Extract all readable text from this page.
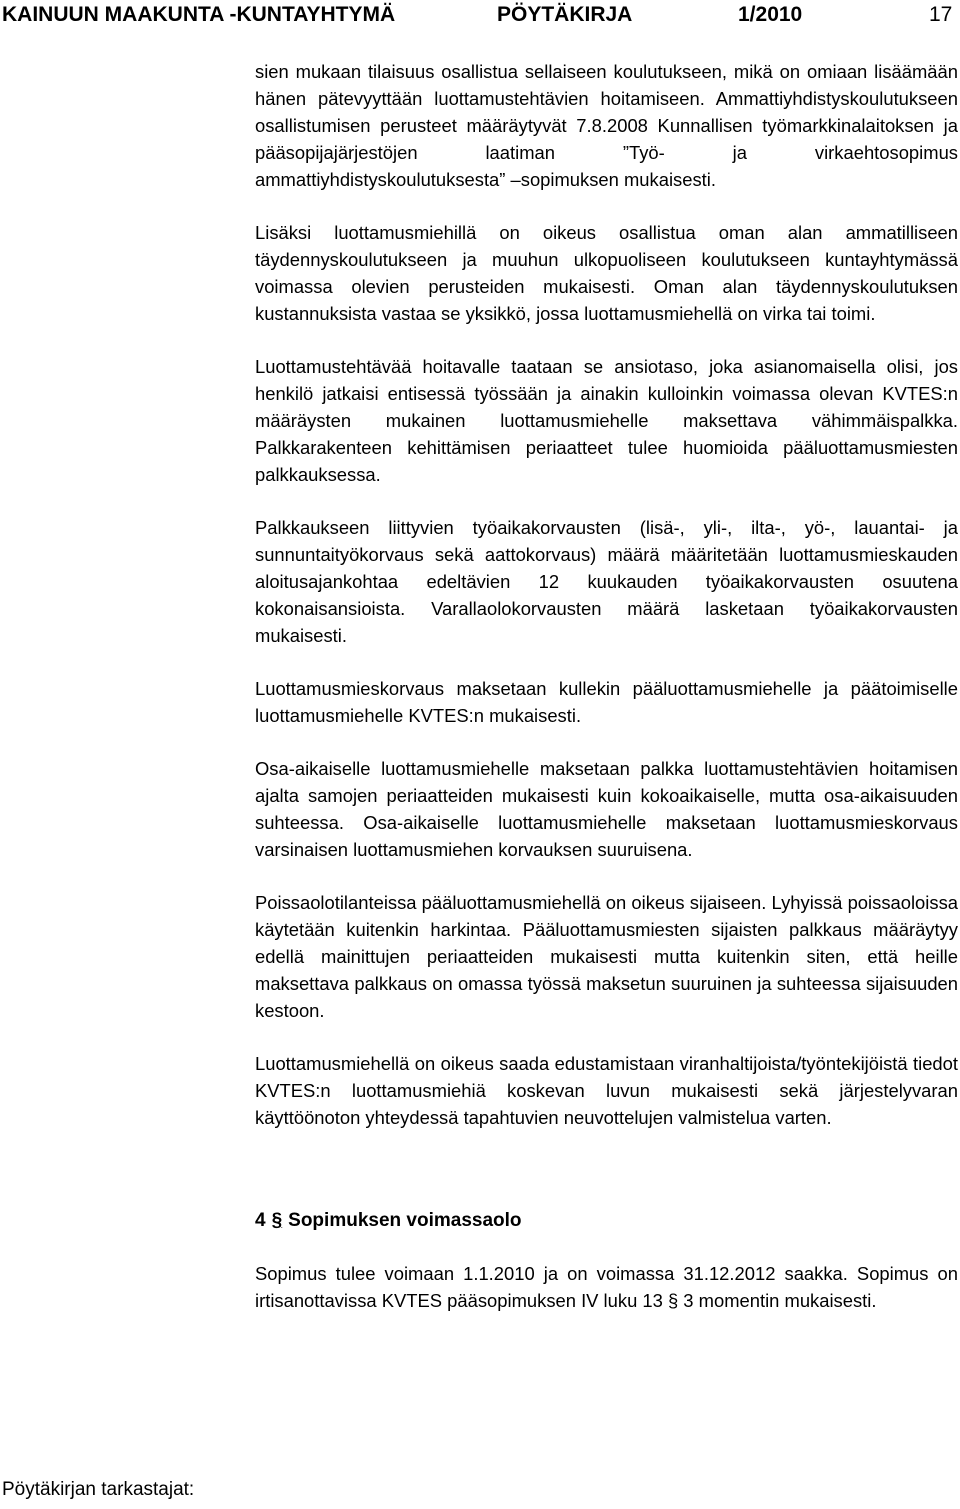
KAINUUN MAAKUNTA -KUNTAYHTYMÄ	PÖYTÄKIRJA	1/2010	17

sien mukaan tilaisuus osallistua sellaiseen koulutukseen, mikä on omiaan lisäämään hänen pätevyyttään luottamustehtävien hoitamiseen. Ammattiyhdistyskoulutukseen osallistumisen perusteet määräytyvät 7.8.2008 Kunnallisen työmarkkinalaitoksen ja pääsopijajärjestöjen laatiman ”Työ- ja virkaehtosopimus ammattiyhdistyskoulutuksesta” –sopimuksen mukaisesti.

Lisäksi luottamusmiehillä on oikeus osallistua oman alan ammatilliseen täydennyskoulutukseen ja muuhun ulkopuoliseen koulutukseen kuntayhtymässä voimassa olevien perusteiden mukaisesti. Oman alan täydennyskoulutuksen kustannuksista vastaa se yksikkö, jossa luottamusmiehellä on virka tai toimi.

Luottamustehtävää hoitavalle taataan se ansiotaso, joka asianomaisella olisi, jos henkilö jatkaisi entisessä työssään ja ainakin kulloinkin voimassa olevan KVTES:n määräysten mukainen luottamusmiehelle maksettava vähimmäispalkka. Palkkarakenteen kehittämisen periaatteet tulee huomioida pääluottamusmiesten palkkauksessa.

Palkkaukseen liittyvien työaikakorvausten (lisä-, yli-, ilta-, yö-, lauantai- ja sunnuntaityökorvaus sekä aattokorvaus) määrä määritetään luottamusmieskauden aloitusajankohtaa edeltävien 12 kuukauden työaikakorvausten osuutena kokonaisansioista. Varallaolokorvausten määrä lasketaan työaikakorvausten mukaisesti.

Luottamusmieskorvaus maksetaan kullekin pääluottamusmiehelle ja päätoimiselle luottamusmiehelle KVTES:n mukaisesti.

Osa-aikaiselle luottamusmiehelle maksetaan palkka luottamustehtävien hoitamisen ajalta samojen periaatteiden mukaisesti kuin kokoaikaiselle, mutta osa-aikaisuuden suhteessa. Osa-aikaiselle luottamusmiehelle maksetaan luottamusmieskorvaus varsinaisen luottamusmiehen korvauksen suuruisena.

Poissaolotilanteissa pääluottamusmiehellä on oikeus sijaiseen. Lyhyissä poissaoloissa käytetään kuitenkin harkintaa. Pääluottamusmiesten sijaisten palkkaus määräytyy edellä mainittujen periaatteiden mukaisesti mutta kuitenkin siten, että heille maksettava palkkaus on omassa työssä maksetun suuruinen ja suhteessa sijaisuuden kestoon.

Luottamusmiehellä on oikeus saada edustamistaan viranhaltijoista/työntekijöistä tiedot KVTES:n luottamusmiehiä koskevan luvun mukaisesti sekä järjestelyvaran käyttöönoton yhteydessä tapahtuvien neuvottelujen valmistelua varten.

4 § Sopimuksen voimassaolo

Sopimus tulee voimaan 1.1.2010 ja on voimassa 31.12.2012 saakka. Sopimus on irtisanottavissa KVTES pääsopimuksen IV luku 13 § 3 momentin mukaisesti.

Pöytäkirjan tarkastajat:
